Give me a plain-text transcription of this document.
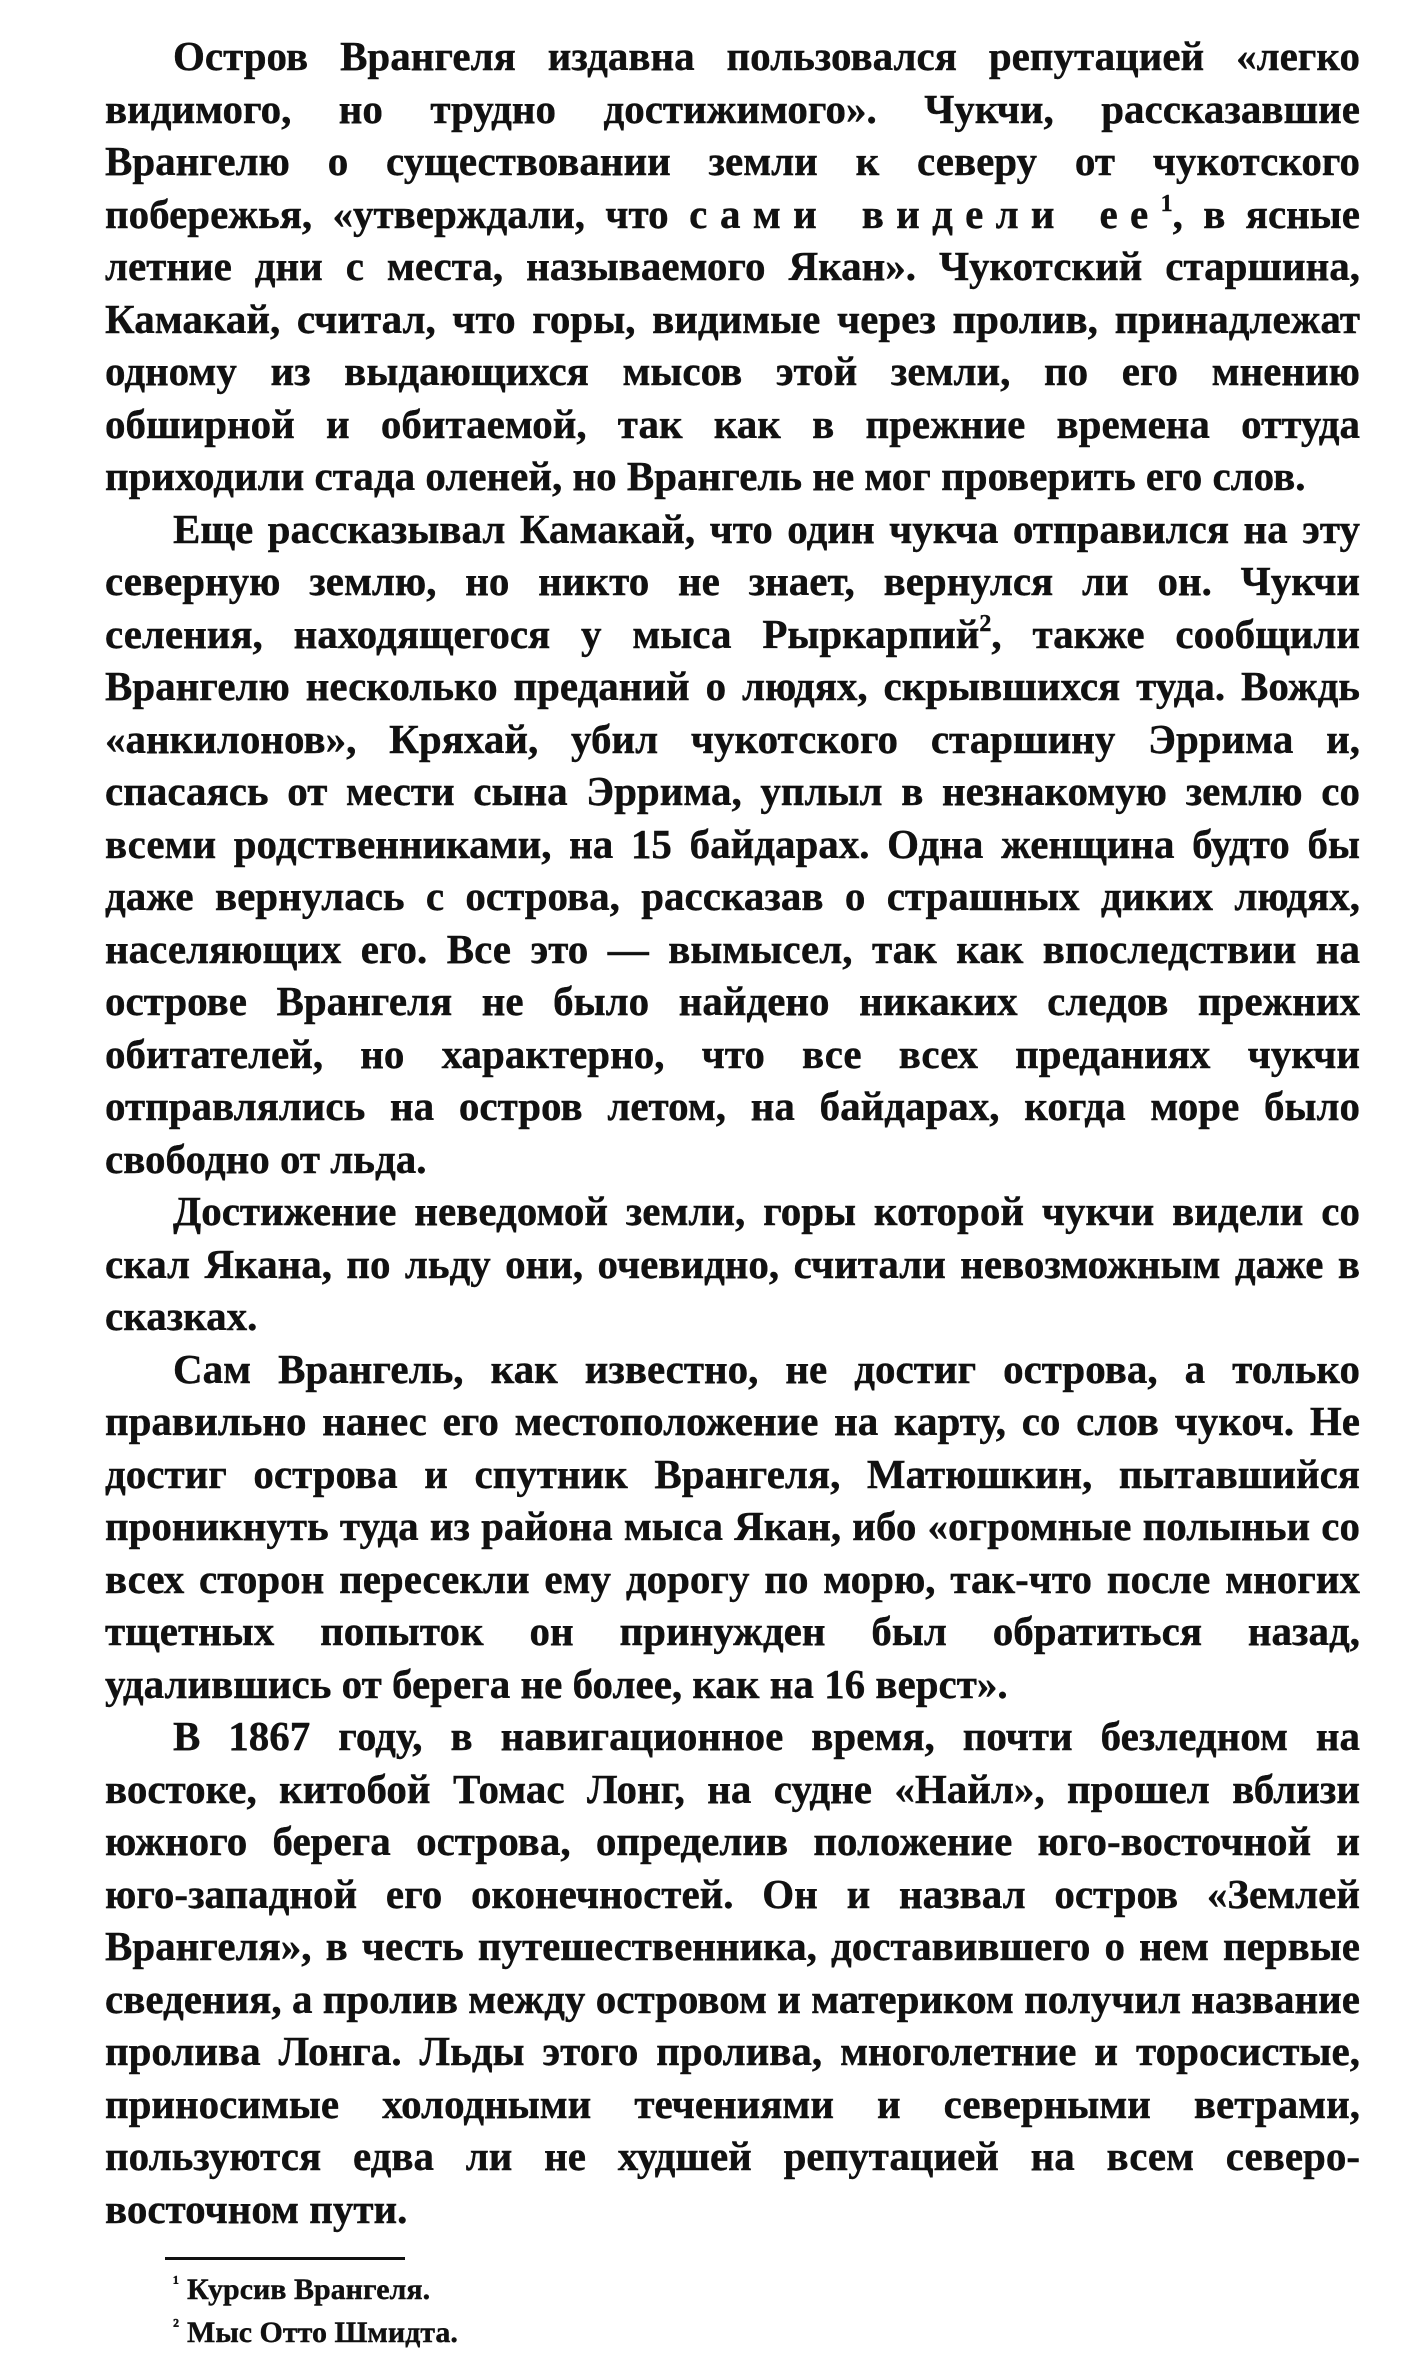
Остров Врангеля издавна пользовался репутацией «легко видимого, но трудно достижимого». Чукчи, рассказавшие Врангелю о существовании земли к северу от чукотского побережья, «утверждали, что сами видели $ее^1$, в ясные летние дни с места, называемого Якан». Чукотский старшина, Камакай, считал, что горы, видимые через пролив, принадлежат одному из выдающихся мысов этой земли, по его мнению обширной и обитаемой, так как в прежние времена оттуда приходили стада оленей, но Врангель не мог проверить его слов.

Еще рассказывал Камакай, что один чукча отправился на эту северную землю, но никто не знает, вернулся ли он. Чукчи селения, находящегося у мыса Рыркарпий$^2$, также сообщили Врангелю несколько преданий о людях, скрывшихся туда. Вождь «анкилонов», Кряхай, убил чукотского старшину Эррима и, спасаясь от мести сына Эррима, уплыл в незнакомую землю со всеми родственниками, на 15 байдарах. Одна женщина будто бы даже вернулась с острова, рассказав о страшных диких людях, населяющих его. Все это — вымысел, так как впоследствии на острове Врангеля не было найдено никаких следов прежних обитателей, но характерно, что все всех преданиях чукчи отправлялись на остров летом, на байдарах, когда море было свободно от льда.

Достижение неведомой земли, горы которой чукчи видели со скал Якана, по льду они, очевидно, считали невозможным даже в сказках.

Сам Врангель, как известно, не достиг острова, а только правильно нанес его местоположение на карту, со слов чукоч. Не достиг острова и спутник Врангеля, Матюшкин, пытавшийся проникнуть туда из района мыса Якан, ибо «огромные полыньи со всех сторон пересекли ему дорогу по морю, так-что после многих тщетных попыток он принужден был обратиться назад, удалившись от берега не более, как на 16 верст».

В 1867 году, в навигационное время, почти безледном на востоке, китобой Томас Лонг, на судне «Найл», прошел вблизи южного берега острова, определив положение юго-восточной и юго-западной его оконечностей. Он и назвал остров «Землей Врангеля», в честь путешественника, доставившего о нем первые сведения, а пролив между островом и материком получил название пролива Лонга. Льды этого пролива, многолетние и торосистые, приносимые холодными течениями и северными ветрами, пользуются едва ли не худшей репутацией на всем северо-восточном пути.

$^{^1}$ Курсив Врангеля.

$^{^2}$ Мыс Отто Шмидта.
